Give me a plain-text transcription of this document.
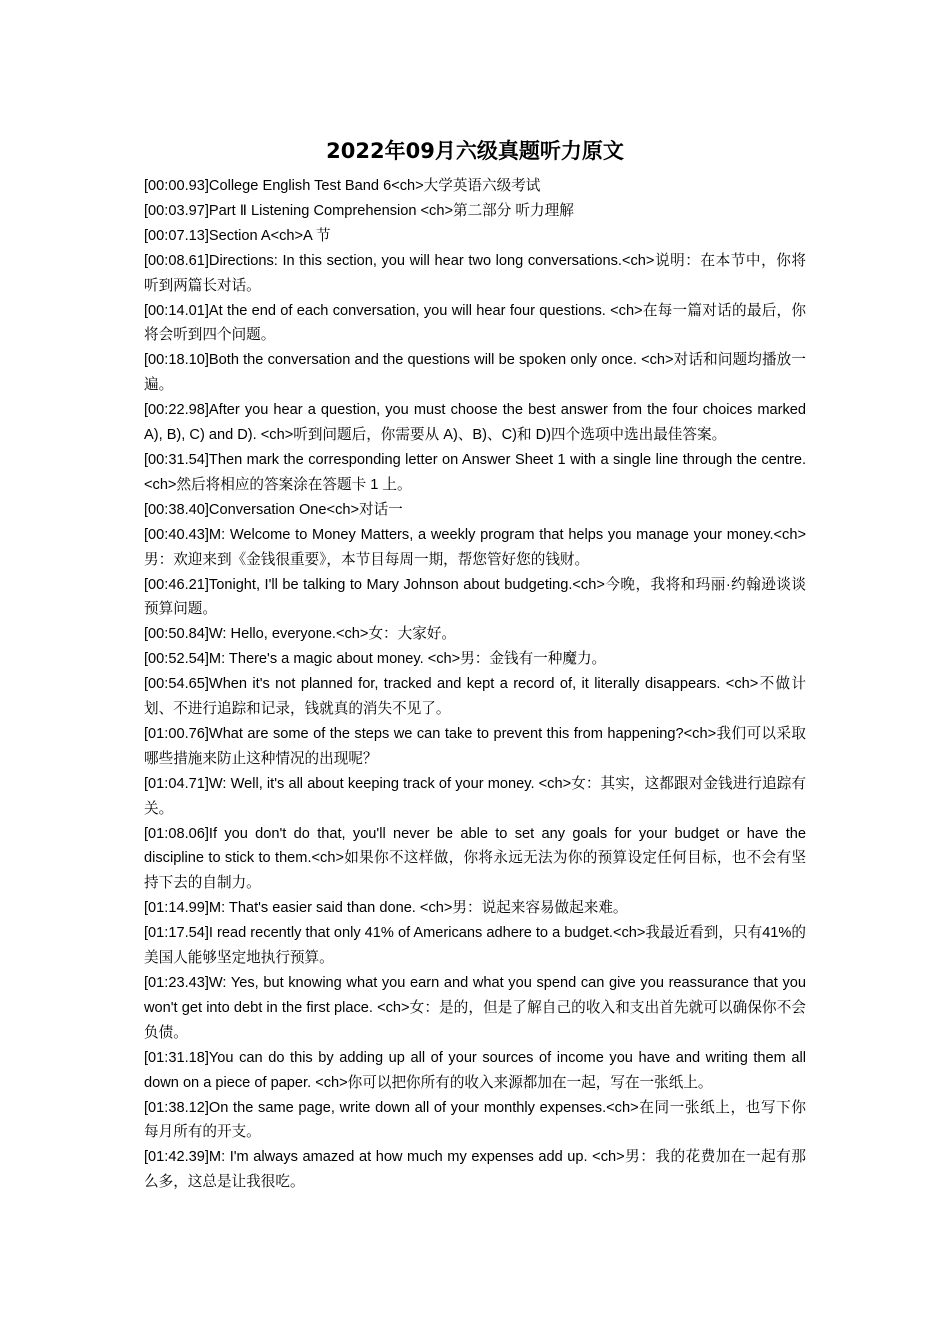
2022年09月六级真题听力原文

[00:00.93]College English Test Band 6<ch>大学英语六级考试

[00:03.97]Part Ⅱ Listening Comprehension <ch>第二部分 听力理解

[00:07.13]Section A<ch>A 节

[00:08.61]Directions: In this section, you will hear two long conversations.<ch>说明：在本节中，你将听到两篇长对话。

[00:14.01]At the end of each conversation, you will hear four questions. <ch>在每一篇对话的最后，你将会听到四个问题。

[00:18.10]Both the conversation and the questions will be spoken only once. <ch>对话和问题均播放一遍。

[00:22.98]After you hear a question, you must choose the best answer from the four choices marked A), B), C) and D). <ch>听到问题后，你需要从 A)、B)、C)和 D)四个选项中选出最佳答案。

[00:31.54]Then mark the corresponding letter on Answer Sheet 1 with a single line through the centre.<ch>然后将相应的答案涂在答题卡 1 上。

[00:38.40]Conversation One<ch>对话一

[00:40.43]M: Welcome to Money Matters, a weekly program that helps you manage your money.<ch>男：欢迎来到《金钱很重要》，本节目每周一期，帮您管好您的钱财。

[00:46.21]Tonight, I'll be talking to Mary Johnson about budgeting.<ch>今晚，我将和玛丽·约翰逊谈谈预算问题。

[00:50.84]W: Hello, everyone.<ch>女：大家好。

[00:52.54]M: There's a magic about money. <ch>男：金钱有一种魔力。

[00:54.65]When it's not planned for, tracked and kept a record of, it literally disappears. <ch>不做计划、不进行追踪和记录，钱就真的消失不见了。

[01:00.76]What are some of the steps we can take to prevent this from happening?<ch>我们可以采取哪些措施来防止这种情况的出现呢？

[01:04.71]W: Well, it's all about keeping track of your money. <ch>女：其实，这都跟对金钱进行追踪有关。

[01:08.06]If you don't do that, you'll never be able to set any goals for your budget or have the discipline to stick to them.<ch>如果你不这样做，你将永远无法为你的预算设定任何目标，也不会有坚持下去的自制力。

[01:14.99]M: That's easier said than done. <ch>男：说起来容易做起来难。

[01:17.54]I read recently that only 41% of Americans adhere to a budget.<ch>我最近看到，只有41%的美国人能够坚定地执行预算。

[01:23.43]W: Yes, but knowing what you earn and what you spend can give you reassurance that you won't get into debt in the first place. <ch>女：是的，但是了解自己的收入和支出首先就可以确保你不会负债。

[01:31.18]You can do this by adding up all of your sources of income you have and writing them all down on a piece of paper. <ch>你可以把你所有的收入来源都加在一起，写在一张纸上。

[01:38.12]On the same page, write down all of your monthly expenses.<ch>在同一张纸上，也写下你每月所有的开支。

[01:42.39]M: I'm always amazed at how much my expenses add up. <ch>男：我的花费加在一起有那么多，这总是让我很吃。
